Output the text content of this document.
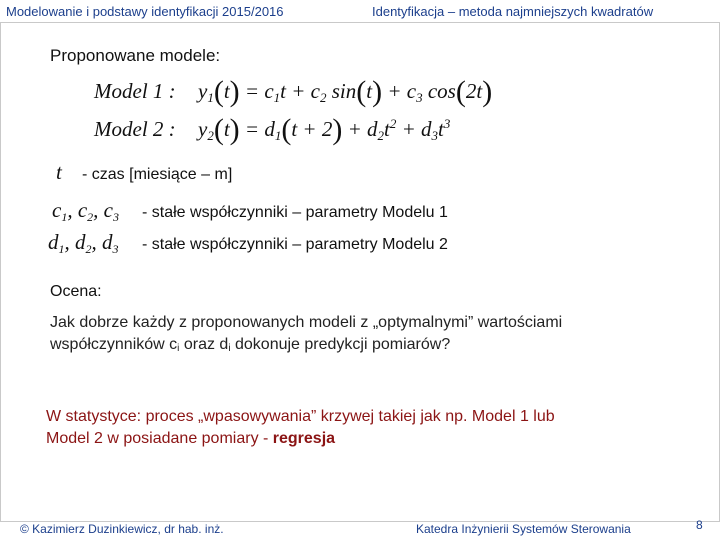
Modelowanie i podstawy identyfikacji 2015/2016	Identyfikacja – metoda najmniejszych kwadratów
Proponowane modele:
Model 1 :	$y_1(t) = c_1t + c_2$ $\sin(t) + c_3$ cos(2t)
Model 2 :	$y_2(t) = d_1(t + 2) + d_2t^2 + d_3t^3$
t	- czas [miesiące – m]
$c_1$, $c_2$, $c_3$	- stałe współczynniki – parametry Modelu 1
$d_1$, $d_2$, $d_3$	- stałe współczynniki – parametry Modelu 2
Ocena:
Jak dobrze każdy z proponowanych modeli z „optymalnymi” wartościami
współczynników $c_i$ oraz $d_i$ dokonuje predykcji pomiarów?
W statystyce: proces „wpasowywania” krzywej takiej jak np. Model 1 lub
Model 2 w posiadane pomiary - regresja
© Kazimierz Duzinkiewicz, dr hab. inż.	Katedra Inżynierii Systemów Sterowania	8
